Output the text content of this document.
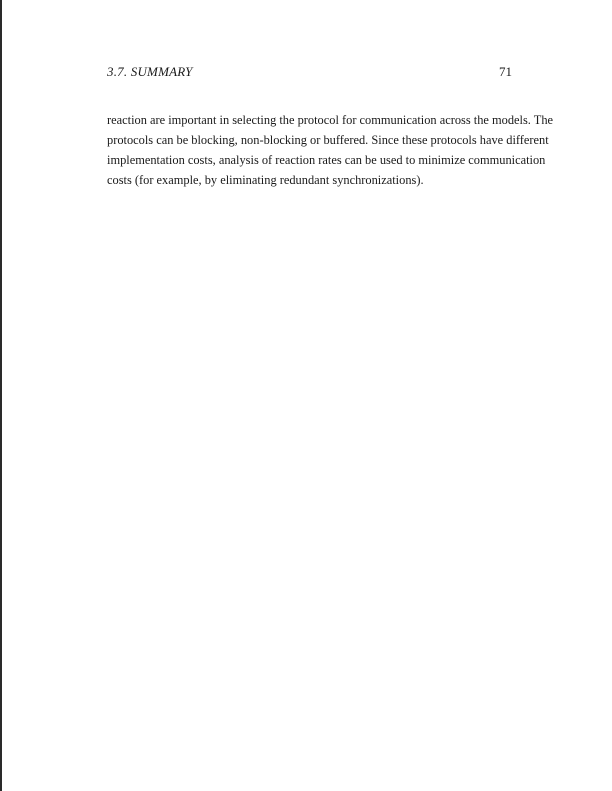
3.7. SUMMARY	71

reaction are important in selecting the protocol for communication across the models. The
protocols can be blocking, non-blocking or buffered. Since these protocols have different
implementation costs, analysis of reaction rates can be used to minimize communication
costs (for example, by eliminating redundant synchronizations).
